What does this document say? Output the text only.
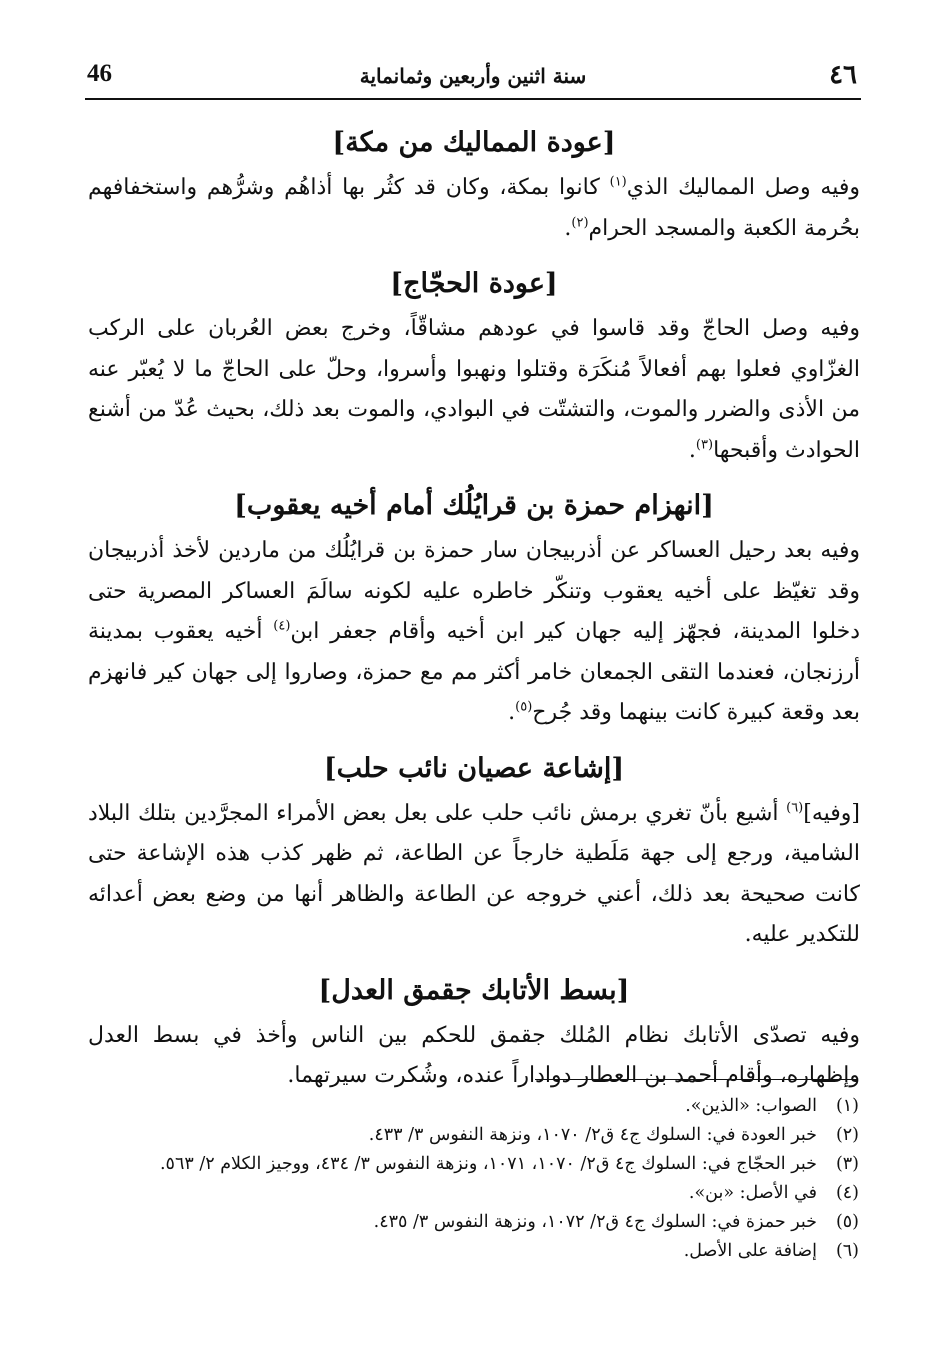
46	سنة اثنين وأربعين وثمانماية	٤٦
[عودة المماليك من مكة]

وفيه وصل المماليك الذي$^{(١)}$ كانوا بمكة، وكان قد كثُر بها أذاهُم وشرُّهم واستخفافهم بحُرمة الكعبة والمسجد الحرام$^{(٢)}$.

[عودة الحجّاج]

وفيه وصل الحاجّ وقد قاسوا في عودهم مشاقّاً، وخرج بعض العُربان على الركب الغزّاوي فعلوا بهم أفعالاً مُنكَرَة وقتلوا ونهبوا وأسروا، وحلّ على الحاجّ ما لا يُعبّر عنه من الأذى والضرر والموت، والتشتّت في البوادي، والموت بعد ذلك، بحيث عُدّ من أشنع الحوادث وأقبحها$^{(٣)}$.

[انهزام حمزة بن قرايُلُك أمام أخيه يعقوب]

وفيه بعد رحيل العساكر عن أذربيجان سار حمزة بن قرايُلُك من ماردين لأخذ أذربيجان وقد تغيّظ على أخيه يعقوب وتنكّر خاطره عليه لكونه سالَمَ العساكر المصرية حتى دخلوا المدينة، فجهّز إليه جهان كير ابن أخيه وأقام جعفر ابن$^{(٤)}$ أخيه يعقوب بمدينة أرزنجان، فعندما التقى الجمعان خامر أكثر مم مع حمزة، وصاروا إلى جهان كير فانهزم بعد وقعة كبيرة كانت بينهما وقد جُرح$^{(٥)}$.

[إشاعة عصيان نائب حلب]

[وفيه]$^{(٦)}$ أشيع بأنّ تغري برمش نائب حلب على بعل بعض الأمراء المجرَّدين بتلك البلاد الشامية، ورجع إلى جهة مَلَطية خارجاً عن الطاعة، ثم ظهر كذب هذه الإشاعة حتى كانت صحيحة بعد ذلك، أعني خروجه عن الطاعة والظاهر أنها من وضع بعض أعدائه للتكدير عليه.

[بسط الأتابك جقمق العدل]

وفيه تصدّى الأتابك نظام المُلك جقمق للحكم بين الناس وأخذ في بسط العدل وإظهاره، وأقام أحمد بن العطار دواداراً عنده، وشُكرت سيرتهما.

(١)
الصواب: «الذين».
(٢)
خبر العودة في: السلوك ج٤ ق٢/ ١٠٧٠، ونزهة النفوس ٣/ ٤٣٣.
(٣)
خبر الحجّاج في: السلوك ج٤ ق٢/ ١٠٧٠، ١٠٧١، ونزهة النفوس ٣/ ٤٣٤، ووجيز الكلام ٢/ ٥٦٣.
(٤)
في الأصل: «بن».
(٥)
خبر حمزة في: السلوك ج٤ ق٢/ ١٠٧٢، ونزهة النفوس ٣/ ٤٣٥.
(٦)
إضافة على الأصل.
